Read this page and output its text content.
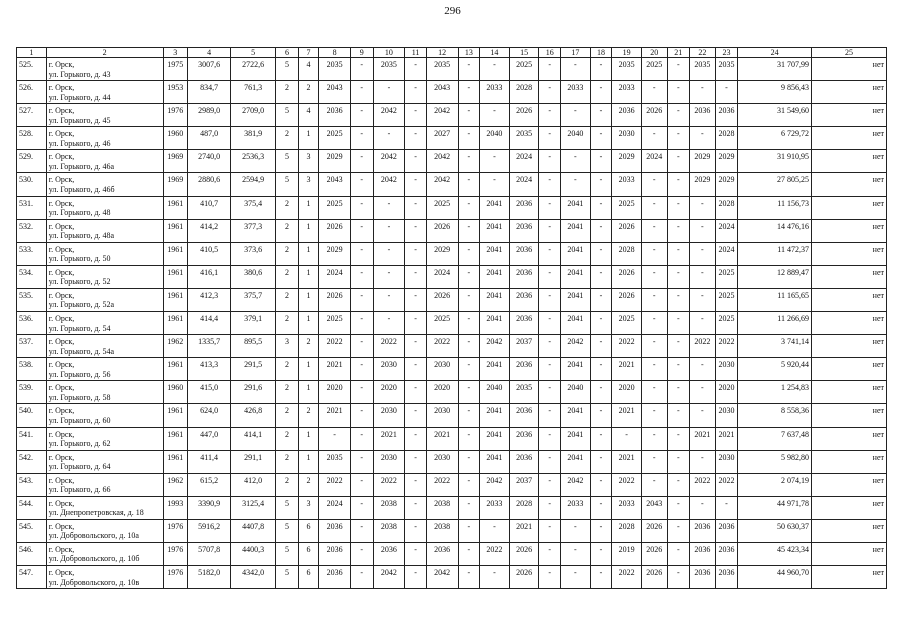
296
1	2	3	4	5	6	7	8	9	10	11	12	13	14	15	16	17	18	19	20	21	22	23	24	25
525.	г. Орск,
ул. Горького, д. 43	1975	3007,6	2722,6	5	4	2035	-	2035	-	2035	-	-	2025	-	-	-	2035	2025	-	2035	2035	31 707,99	нет
526.	г. Орск,
ул. Горького, д. 44	1953	834,7	761,3	2	2	2043	-	-	-	2043	-	2033	2028	-	2033	-	2033	-	-	-	-	9 856,43	нет
527.	г. Орск,
ул. Горького, д. 45	1976	2989,0	2709,0	5	4	2036	-	2042	-	2042	-	-	2026	-	-	-	2036	2026	-	2036	2036	31 549,60	нет
528.	г. Орск,
ул. Горького, д. 46	1960	487,0	381,9	2	1	2025	-	-	-	2027	-	2040	2035	-	2040	-	2030	-	-	-	2028	6 729,72	нет
529.	г. Орск,
ул. Горького, д. 46а	1969	2740,0	2536,3	5	3	2029	-	2042	-	2042	-	-	2024	-	-	-	2029	2024	-	2029	2029	31 910,95	нет
530.	г. Орск,
ул. Горького, д. 46б	1969	2880,6	2594,9	5	3	2043	-	2042	-	2042	-	-	2024	-	-	-	2033	-	-	2029	2029	27 805,25	нет
531.	г. Орск,
ул. Горького, д. 48	1961	410,7	375,4	2	1	2025	-	-	-	2025	-	2041	2036	-	2041	-	2025	-	-	-	2028	11 156,73	нет
532.	г. Орск,
ул. Горького, д. 48а	1961	414,2	377,3	2	1	2026	-	-	-	2026	-	2041	2036	-	2041	-	2026	-	-	-	2024	14 476,16	нет
533.	г. Орск,
ул. Горького, д. 50	1961	410,5	373,6	2	1	2029	-	-	-	2029	-	2041	2036	-	2041	-	2028	-	-	-	2024	11 472,37	нет
534.	г. Орск,
ул. Горького, д. 52	1961	416,1	380,6	2	1	2024	-	-	-	2024	-	2041	2036	-	2041	-	2026	-	-	-	2025	12 889,47	нет
535.	г. Орск,
ул. Горького, д. 52а	1961	412,3	375,7	2	1	2026	-	-	-	2026	-	2041	2036	-	2041	-	2026	-	-	-	2025	11 165,65	нет
536.	г. Орск,
ул. Горького, д. 54	1961	414,4	379,1	2	1	2025	-	-	-	2025	-	2041	2036	-	2041	-	2025	-	-	-	2025	11 266,69	нет
537.	г. Орск,
ул. Горького, д. 54а	1962	1335,7	895,5	3	2	2022	-	2022	-	2022	-	2042	2037	-	2042	-	2022	-	-	2022	2022	3 741,14	нет
538.	г. Орск,
ул. Горького, д. 56	1961	413,3	291,5	2	1	2021	-	2030	-	2030	-	2041	2036	-	2041	-	2021	-	-	-	2030	5 920,44	нет
539.	г. Орск,
ул. Горького, д. 58	1960	415,0	291,6	2	1	2020	-	2020	-	2020	-	2040	2035	-	2040	-	2020	-	-	-	2020	1 254,83	нет
540.	г. Орск,
ул. Горького, д. 60	1961	624,0	426,8	2	2	2021	-	2030	-	2030	-	2041	2036	-	2041	-	2021	-	-	-	2030	8 558,36	нет
541.	г. Орск,
ул. Горького, д. 62	1961	447,0	414,1	2	1	-	-	2021	-	2021	-	2041	2036	-	2041	-	-	-	-	2021	2021	7 637,48	нет
542.	г. Орск,
ул. Горького, д. 64	1961	411,4	291,1	2	1	2035	-	2030	-	2030	-	2041	2036	-	2041	-	2021	-	-	-	2030	5 982,80	нет
543.	г. Орск,
ул. Горького, д. 66	1962	615,2	412,0	2	2	2022	-	2022	-	2022	-	2042	2037	-	2042	-	2022	-	-	2022	2022	2 074,19	нет
544.	г. Орск,
ул. Днепропетровская, д. 18	1993	3390,9	3125,4	5	3	2024	-	2038	-	2038	-	2033	2028	-	2033	-	2033	2043	-	-	-	44 971,78	нет
545.	г. Орск,
ул. Добровольского, д. 10а	1976	5916,2	4407,8	5	6	2036	-	2038	-	2038	-	-	2021	-	-	-	2028	2026	-	2036	2036	50 630,37	нет
546.	г. Орск,
ул. Добровольского, д. 10б	1976	5707,8	4400,3	5	6	2036	-	2036	-	2036	-	2022	2026	-	-	-	2019	2026	-	2036	2036	45 423,34	нет
547.	г. Орск,
ул. Добровольского, д. 10в	1976	5182,0	4342,0	5	6	2036	-	2042	-	2042	-	-	2026	-	-	-	2022	2026	-	2036	2036	44 960,70	нет
